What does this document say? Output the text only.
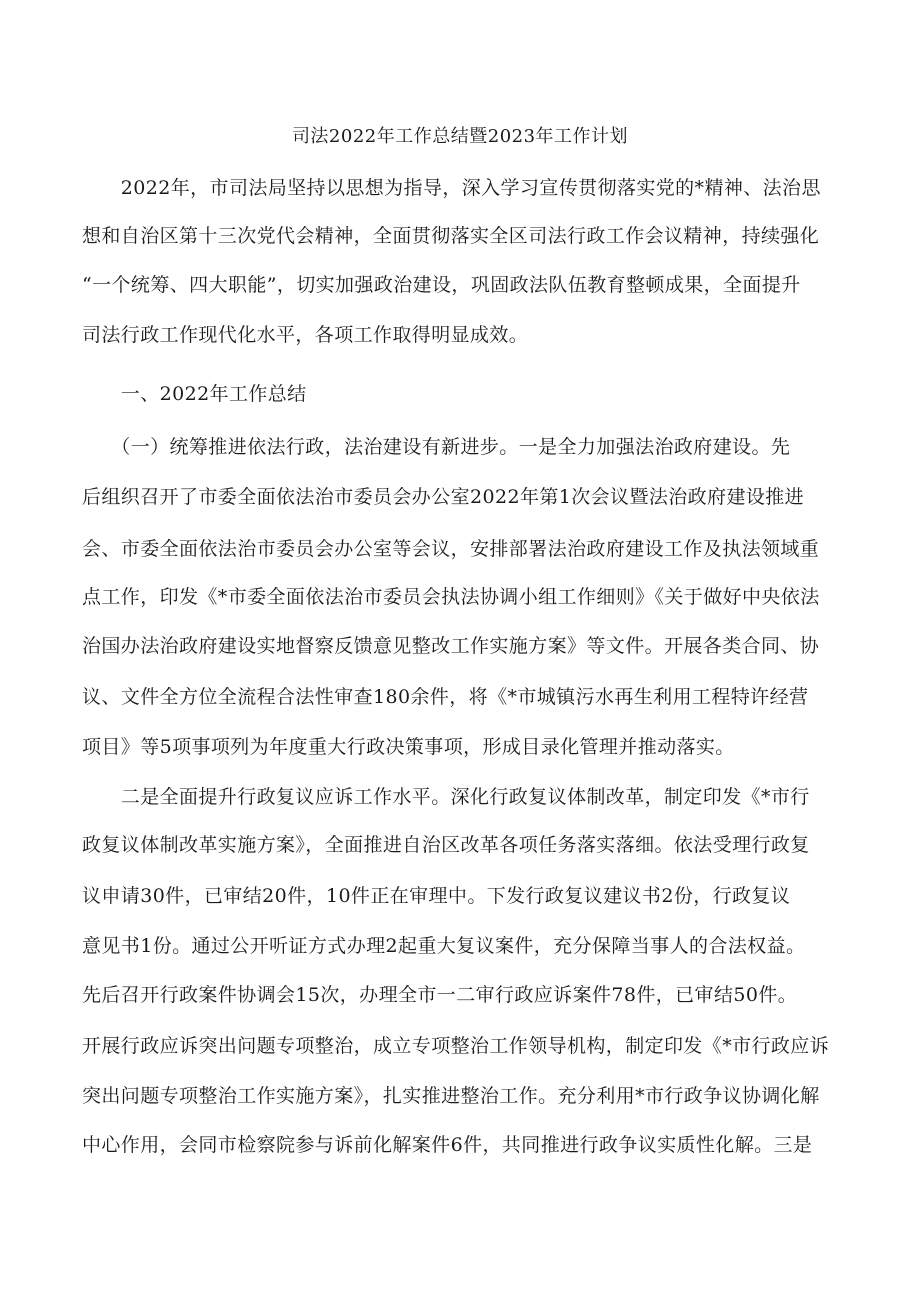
司法2022年工作总结暨2023年工作计划
　　2022年，市司法局坚持以思想为指导，深入学习宣传贯彻落实党的*精神、法治思
想和自治区第十三次党代会精神，全面贯彻落实全区司法行政工作会议精神，持续强化
“一个统筹、四大职能”，切实加强政治建设，巩固政法队伍教育整顿成果，全面提升
司法行政工作现代化水平，各项工作取得明显成效。
　　一、2022年工作总结
　　（一）统筹推进依法行政，法治建设有新进步。一是全力加强法治政府建设。先
后组织召开了市委全面依法治市委员会办公室2022年第1次会议暨法治政府建设推进
会、市委全面依法治市委员会办公室等会议，安排部署法治政府建设工作及执法领域重
点工作，印发《*市委全面依法治市委员会执法协调小组工作细则》《关于做好中央依法
治国办法治政府建设实地督察反馈意见整改工作实施方案》等文件。开展各类合同、协
议、文件全方位全流程合法性审查180余件，将《*市城镇污水再生利用工程特许经营
项目》等5项事项列为年度重大行政决策事项，形成目录化管理并推动落实。
　　二是全面提升行政复议应诉工作水平。深化行政复议体制改革，制定印发《*市行
政复议体制改革实施方案》，全面推进自治区改革各项任务落实落细。依法受理行政复
议申请30件，已审结20件，10件正在审理中。下发行政复议建议书2份，行政复议
意见书1份。通过公开听证方式办理2起重大复议案件，充分保障当事人的合法权益。
先后召开行政案件协调会15次，办理全市一二审行政应诉案件78件，已审结50件。
开展行政应诉突出问题专项整治，成立专项整治工作领导机构，制定印发《*市行政应诉
突出问题专项整治工作实施方案》，扎实推进整治工作。充分利用*市行政争议协调化解
中心作用，会同市检察院参与诉前化解案件6件，共同推进行政争议实质性化解。三是
